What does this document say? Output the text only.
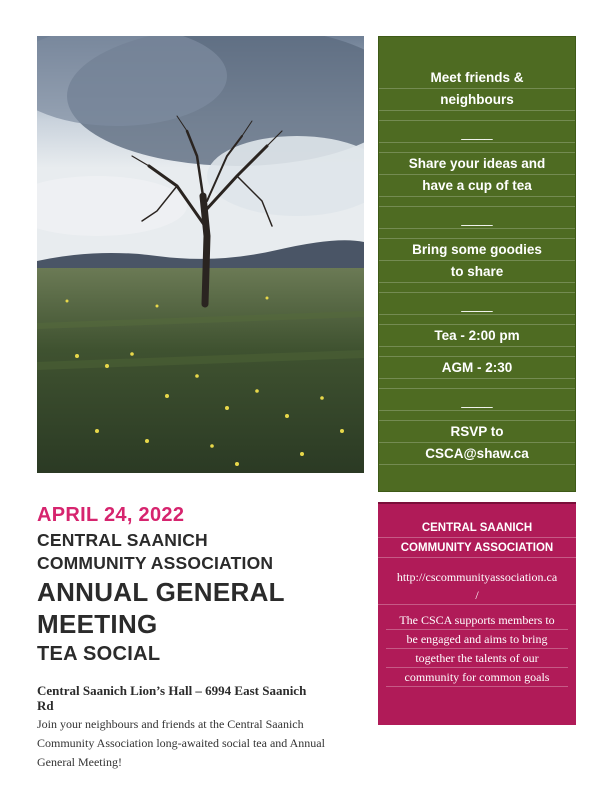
Meet friends &
neighbours
____
Share your ideas and
have a cup of tea
____
Bring some goodies
to share
____
Tea - 2:00 pm
AGM - 2:30
____
RSVP to
CSCA@shaw.ca
APRIL 24, 2022
CENTRAL SAANICH
COMMUNITY ASSOCIATION
ANNUAL GENERAL
MEETING
TEA SOCIAL
Central Saanich Lion’s Hall – 6994 East Saanich
Rd
Join your neighbours and friends at the Central Saanich
Community Association long-awaited social tea and Annual
General Meeting!
CENTRAL SAANICH
COMMUNITY ASSOCIATION
http://cscommunityassociation.ca
/
The CSCA supports members to
be engaged and aims to bring
together the talents of our
community for common goals
